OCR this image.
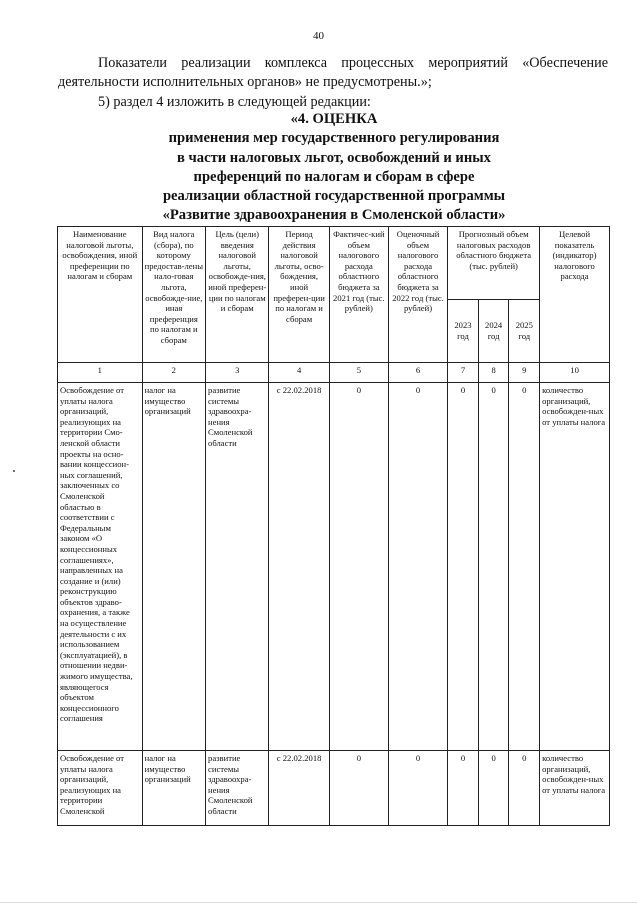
40
Показатели реализации комплекса процессных мероприятий «Обеспечение деятельности исполнительных органов» не предусмотрены.»;
5) раздел 4 изложить в следующей редакции:
«4. ОЦЕНКА
применения мер государственного регулирования
в части налоговых льгот, освобождений и иных
преференций по налогам и сборам в сфере
реализации областной государственной программы
«Развитие здравоохранения в Смоленской области»
Наименование налоговой льготы, освобождения, иной преференции по налогам и сборам	Вид налога (сбора), по которому предостав-лены нало-говая льгота, освобожде-ние, иная преференция по налогам и сборам	Цель (цели) введения налоговой льготы, освобожде-ния, иной преферен-ции по налогам и сборам	Период действия налоговой льготы, осво-бождения, иной преферен-ции по налогам и сборам	Фактичес-кий объем налогового расхода областного бюджета за 2021 год (тыс. рублей)	Оценочный объем налогового расхода областного бюджета за 2022 год (тыс. рублей)	Прогнозный объем налоговых расходов областного бюджета (тыс. рублей)			Целевой показатель (индикатор) налогового расхода
						2023 год	2024 год	2025 год	
1	2	3	4	5	6	7	8	9	10
Освобождение от уплаты налога организаций, реализующих на территории Смо-ленской области проекты на осно-вании концессион-ных соглашений, заключенных со Смоленской областью в соответствии с Федеральным законом «О концессионных соглашениях», направленных на создание и (или) реконструкцию объектов здраво-охранения, а также на осуществление деятельности с их использованием (эксплуатацией), в отношении недви-жимого имущества, являющегося объектом концессионного соглашения	налог на имущество организаций	развитие системы здравоохра-нения Смоленской области	с 22.02.2018	0	0	0	0	0	количество организаций, освобожден-ных от уплаты налога
Освобождение от уплаты налога организаций, реализующих на территории Смоленской	налог на имущество организаций	развитие системы здравоохра-нения Смоленской области	с 22.02.2018	0	0	0	0	0	количество организаций, освобожден-ных от уплаты налога
